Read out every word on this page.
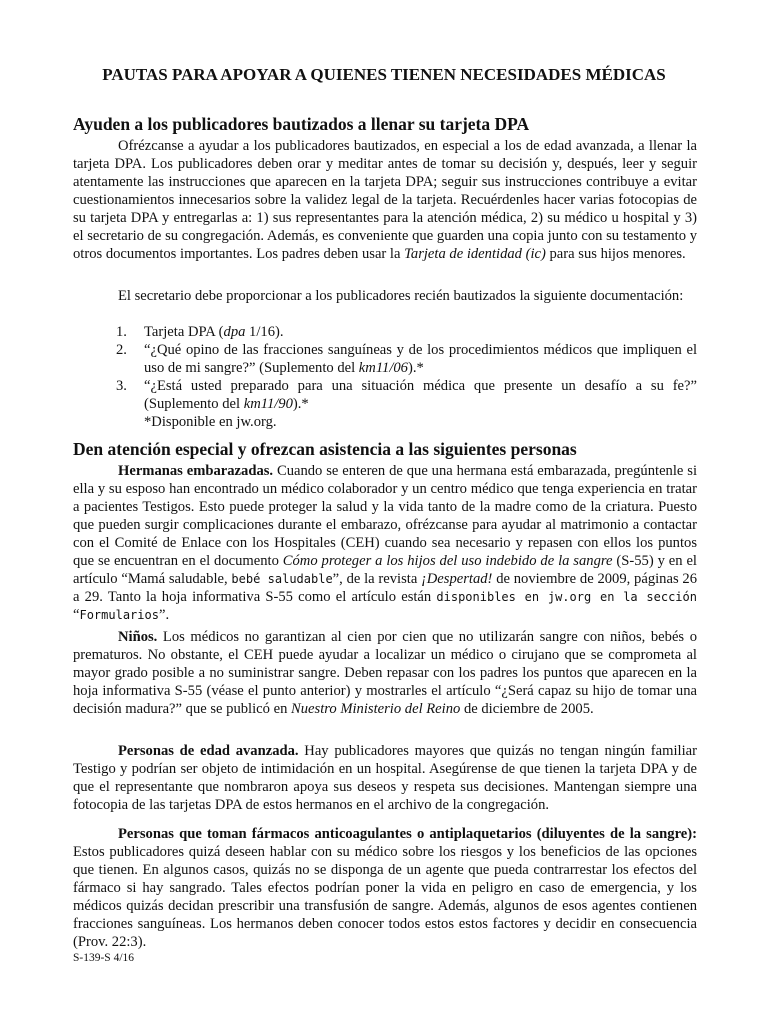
PAUTAS PARA APOYAR A QUIENES TIENEN NECESIDADES MÉDICAS
Ayuden a los publicadores bautizados a llenar su tarjeta DPA

Ofrézcanse a ayudar a los publicadores bautizados, en especial a los de edad avanzada, a llenar la tarjeta DPA. Los publicadores deben orar y meditar antes de tomar su decisión y, después, leer y seguir atentamente las instrucciones que aparecen en la tarjeta DPA; seguir sus instrucciones contribuye a evitar cuestionamientos innecesarios sobre la validez legal de la tarjeta. Recuérdenles hacer varias fotocopias de su tarjeta DPA y entregarlas a: 1) sus representantes para la atención médica, 2) su médico u hospital y 3) el secretario de su congregación. Además, es conveniente que guarden una copia junto con su testamento y otros documentos importantes. Los padres deben usar la Tarjeta de identidad (ic) para sus hijos menores.

El secretario debe proporcionar a los publicadores recién bautizados la siguiente documentación:

1. Tarjeta DPA (dpa 1/16).
2. “¿Qué opino de las fracciones sanguíneas y de los procedimientos médicos que impliquen el uso de mi sangre?” (Suplemento del km11/06).*
3. “¿Está usted preparado para una situación médica que presente un desafío a su fe?” (Suplemento del km11/90).*
*Disponible en jw.org.
Den atención especial y ofrezcan asistencia a las siguientes personas

Hermanas embarazadas. Cuando se enteren de que una hermana está embarazada, pregúntenle si ella y su esposo han encontrado un médico colaborador y un centro médico que tenga experiencia en tratar a pacientes Testigos. Esto puede proteger la salud y la vida tanto de la madre como de la criatura. Puesto que pueden surgir complicaciones durante el embarazo, ofrézcanse para ayudar al matrimonio a contactar con el Comité de Enlace con los Hospitales (CEH) cuando sea necesario y repasen con ellos los puntos que se encuentran en el documento Cómo proteger a los hijos del uso indebido de la sangre (S-55) y en el artículo “Mamá saludable, bebé saludable”, de la revista ¡Despertad! de noviembre de 2009, páginas 26 a 29. Tanto la hoja informativa S-55 como el artículo están disponibles en jw.org en la sección “Formularios”.

Niños. Los médicos no garantizan al cien por cien que no utilizarán sangre con niños, bebés o prematuros. No obstante, el CEH puede ayudar a localizar un médico o cirujano que se comprometa al mayor grado posible a no suministrar sangre. Deben repasar con los padres los puntos que aparecen en la hoja informativa S-55 (véase el punto anterior) y mostrarles el artículo “¿Será capaz su hijo de tomar una decisión madura?” que se publicó en Nuestro Ministerio del Reino de diciembre de 2005.

Personas de edad avanzada. Hay publicadores mayores que quizás no tengan ningún familiar Testigo y podrían ser objeto de intimidación en un hospital. Asegúrense de que tienen la tarjeta DPA y de que el representante que nombraron apoya sus deseos y respeta sus decisiones. Mantengan siempre una fotocopia de las tarjetas DPA de estos hermanos en el archivo de la congregación.

Personas que toman fármacos anticoagulantes o antiplaquetarios (diluyentes de la sangre): Estos publicadores quizá deseen hablar con su médico sobre los riesgos y los beneficios de las opciones que tienen. En algunos casos, quizás no se disponga de un agente que pueda contrarrestar los efectos del fármaco si hay sangrado. Tales efectos podrían poner la vida en peligro en caso de emergencia, y los médicos quizás decidan prescribir una transfusión de sangre. Además, algunos de esos agentes contienen fracciones sanguíneas. Los hermanos deben conocer todos estos estos factores y decidir en consecuencia (Prov. 22:3).

S-139-S 4/16
